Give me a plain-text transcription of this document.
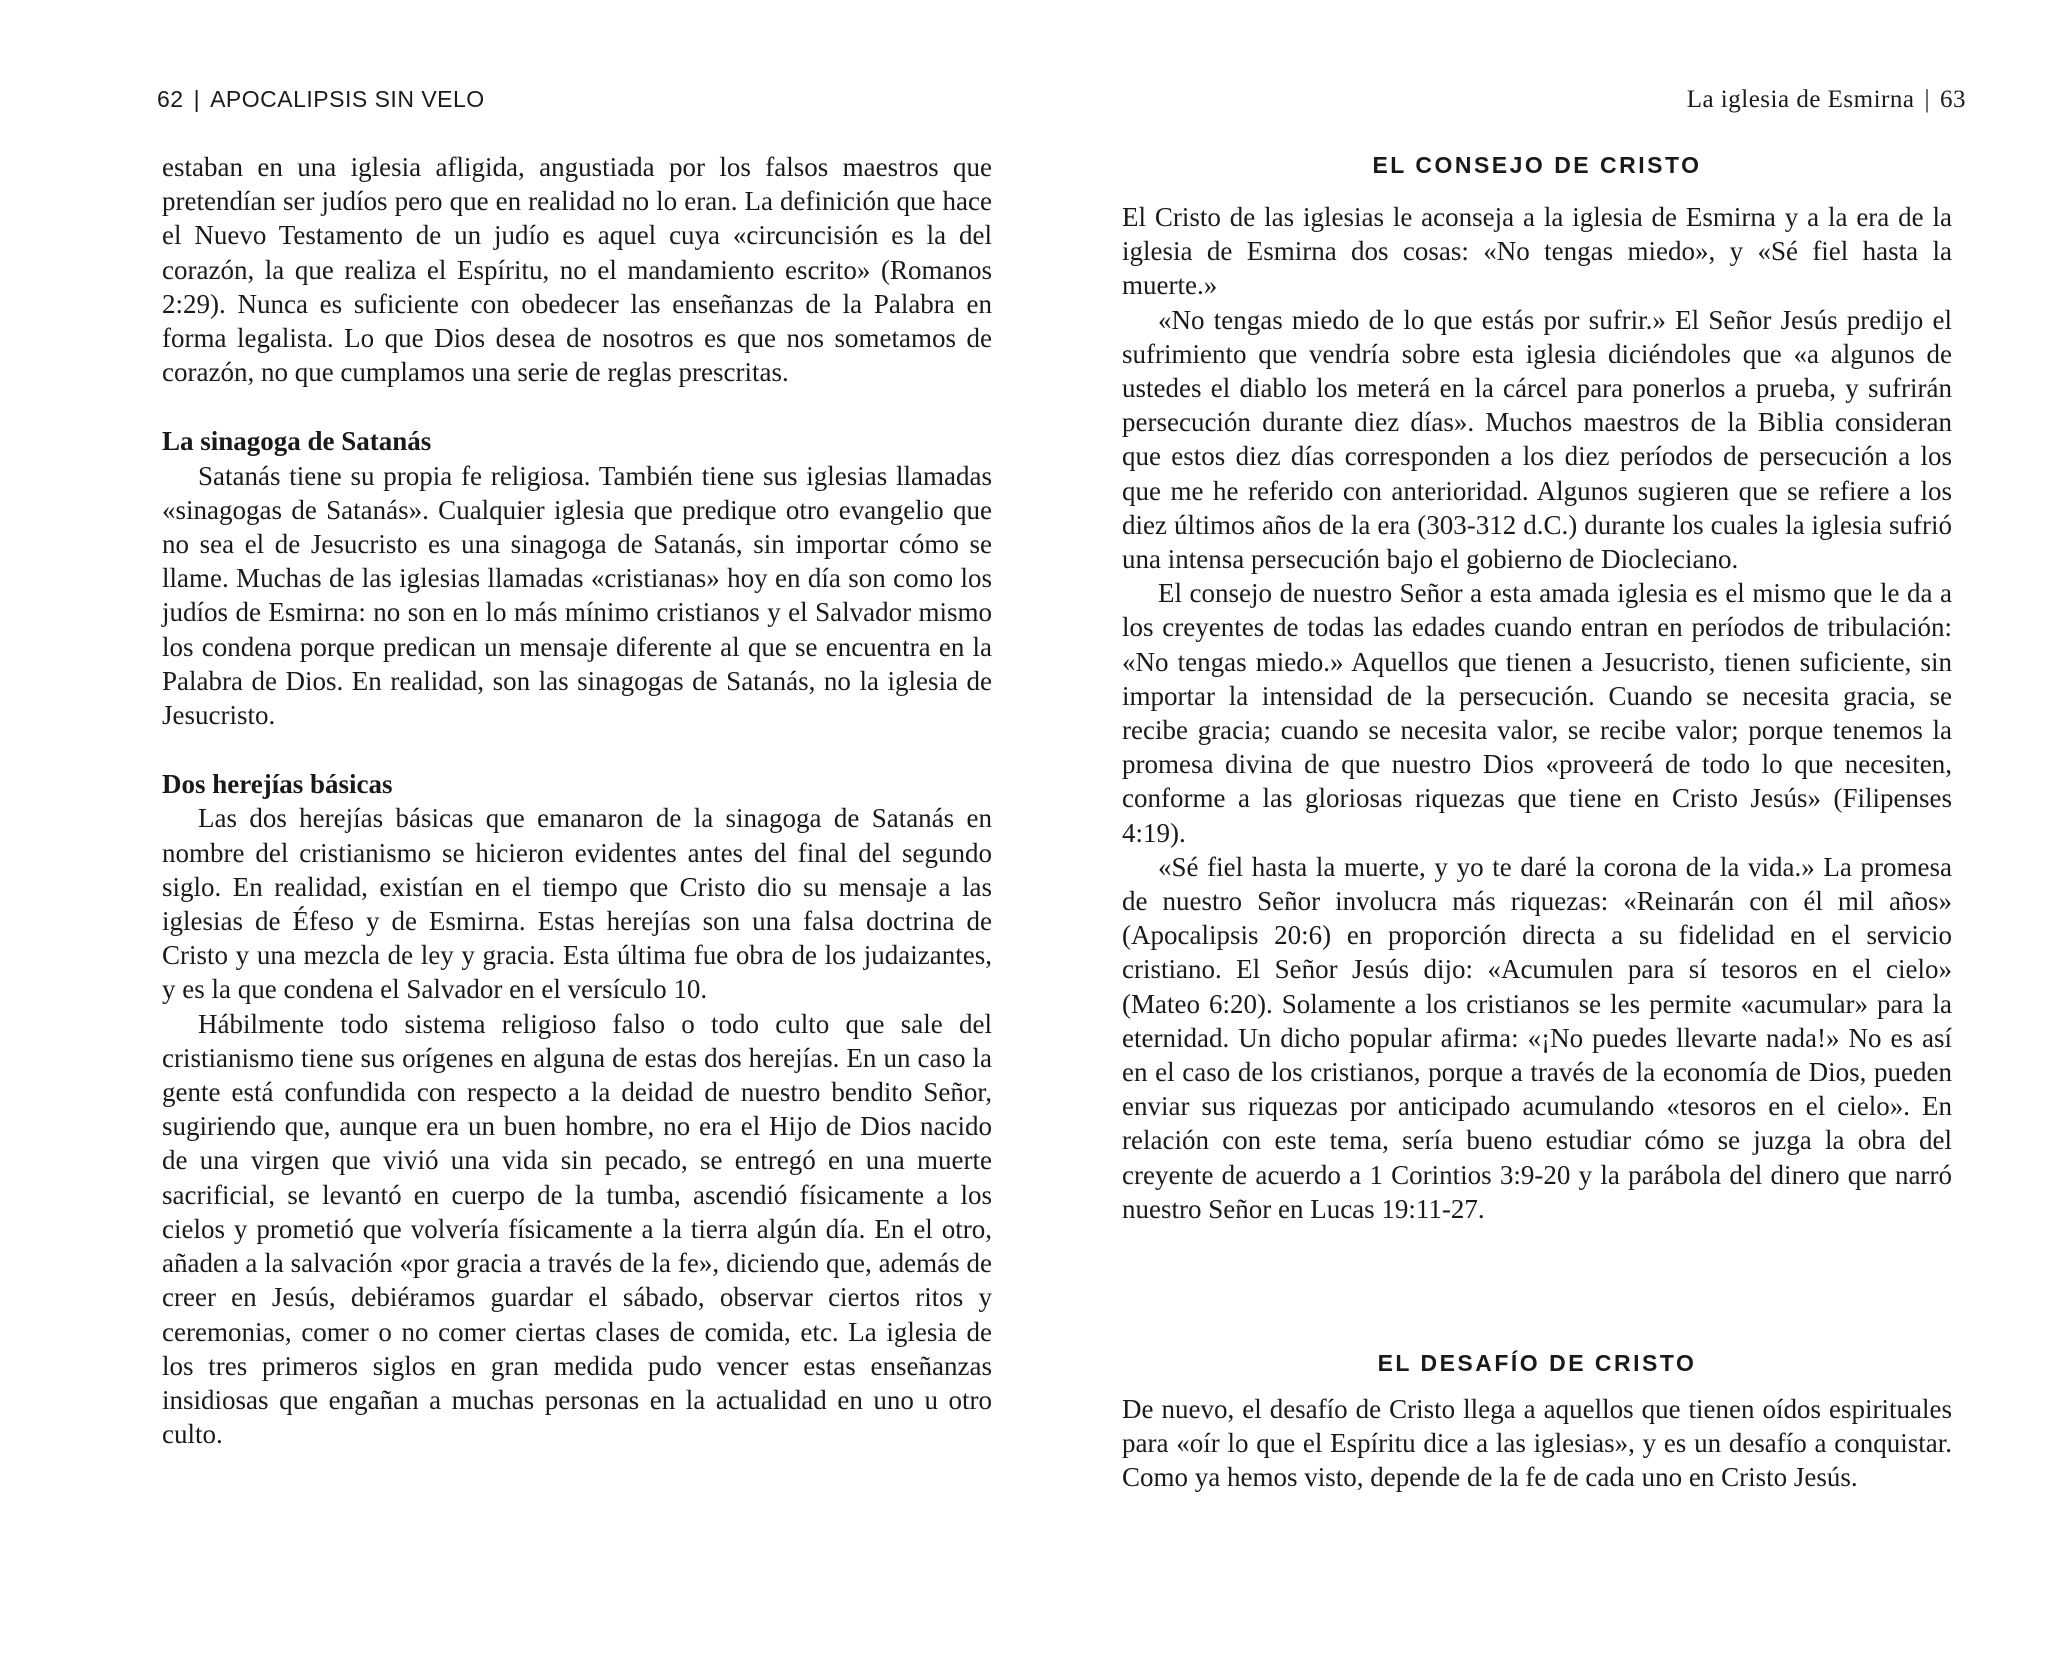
62 | APOCALIPSIS SIN VELO

estaban en una iglesia afligida, angustiada por los falsos maestros que pretendían ser judíos pero que en realidad no lo eran. La definición que hace el Nuevo Testamento de un judío es aquel cuya «circuncisión es la del corazón, la que realiza el Espíritu, no el mandamiento escrito» (Romanos 2:29). Nunca es suficiente con obedecer las enseñanzas de la Palabra en forma legalista. Lo que Dios desea de nosotros es que nos sometamos de corazón, no que cumplamos una serie de reglas prescritas.

La sinagoga de Satanás

Satanás tiene su propia fe religiosa. También tiene sus iglesias llamadas «sinagogas de Satanás». Cualquier iglesia que predique otro evangelio que no sea el de Jesucristo es una sinagoga de Satanás, sin importar cómo se llame. Muchas de las iglesias llamadas «cristianas» hoy en día son como los judíos de Esmirna: no son en lo más mínimo cristianos y el Salvador mismo los condena porque predican un mensaje diferente al que se encuentra en la Palabra de Dios. En realidad, son las sinagogas de Satanás, no la iglesia de Jesucristo.

Dos herejías básicas

Las dos herejías básicas que emanaron de la sinagoga de Satanás en nombre del cristianismo se hicieron evidentes antes del final del segundo siglo. En realidad, existían en el tiempo que Cristo dio su mensaje a las iglesias de Éfeso y de Esmirna. Estas herejías son una falsa doctrina de Cristo y una mezcla de ley y gracia. Esta última fue obra de los judaizantes, y es la que condena el Salvador en el versículo 10.

Hábilmente todo sistema religioso falso o todo culto que sale del cristianismo tiene sus orígenes en alguna de estas dos herejías. En un caso la gente está confundida con respecto a la deidad de nuestro bendito Señor, sugiriendo que, aunque era un buen hombre, no era el Hijo de Dios nacido de una virgen que vivió una vida sin pecado, se entregó en una muerte sacrificial, se levantó en cuerpo de la tumba, ascendió físicamente a los cielos y prometió que volvería físicamente a la tierra algún día. En el otro, añaden a la salvación «por gracia a través de la fe», diciendo que, además de creer en Jesús, debiéramos guardar el sábado, observar ciertos ritos y ceremonias, comer o no comer ciertas clases de comida, etc. La iglesia de los tres primeros siglos en gran medida pudo vencer estas enseñanzas insidiosas que engañan a muchas personas en la actualidad en uno u otro culto.

La iglesia de Esmirna | 63
EL CONSEJO DE CRISTO

El Cristo de las iglesias le aconseja a la iglesia de Esmirna y a la era de la iglesia de Esmirna dos cosas: «No tengas miedo», y «Sé fiel hasta la muerte.»

«No tengas miedo de lo que estás por sufrir.» El Señor Jesús predijo el sufrimiento que vendría sobre esta iglesia diciéndoles que «a algunos de ustedes el diablo los meterá en la cárcel para ponerlos a prueba, y sufrirán persecución durante diez días». Muchos maestros de la Biblia consideran que estos diez días corresponden a los diez períodos de persecución a los que me he referido con anterioridad. Algunos sugieren que se refiere a los diez últimos años de la era (303-312 d.C.) durante los cuales la iglesia sufrió una intensa persecución bajo el gobierno de Diocleciano.

El consejo de nuestro Señor a esta amada iglesia es el mismo que le da a los creyentes de todas las edades cuando entran en períodos de tribulación: «No tengas miedo.» Aquellos que tienen a Jesucristo, tienen suficiente, sin importar la intensidad de la persecución. Cuando se necesita gracia, se recibe gracia; cuando se necesita valor, se recibe valor; porque tenemos la promesa divina de que nuestro Dios «proveerá de todo lo que necesiten, conforme a las gloriosas riquezas que tiene en Cristo Jesús» (Filipenses 4:19).

«Sé fiel hasta la muerte, y yo te daré la corona de la vida.» La promesa de nuestro Señor involucra más riquezas: «Reinarán con él mil años» (Apocalipsis 20:6) en proporción directa a su fidelidad en el servicio cristiano. El Señor Jesús dijo: «Acumulen para sí tesoros en el cielo» (Mateo 6:20). Solamente a los cristianos se les permite «acumular» para la eternidad. Un dicho popular afirma: «¡No puedes llevarte nada!» No es así en el caso de los cristianos, porque a través de la economía de Dios, pueden enviar sus riquezas por anticipado acumulando «tesoros en el cielo». En relación con este tema, sería bueno estudiar cómo se juzga la obra del creyente de acuerdo a 1 Corintios 3:9-20 y la parábola del dinero que narró nuestro Señor en Lucas 19:11-27.

EL DESAFÍO DE CRISTO

De nuevo, el desafío de Cristo llega a aquellos que tienen oídos espirituales para «oír lo que el Espíritu dice a las iglesias», y es un desafío a conquistar. Como ya hemos visto, depende de la fe de cada uno en Cristo Jesús.
